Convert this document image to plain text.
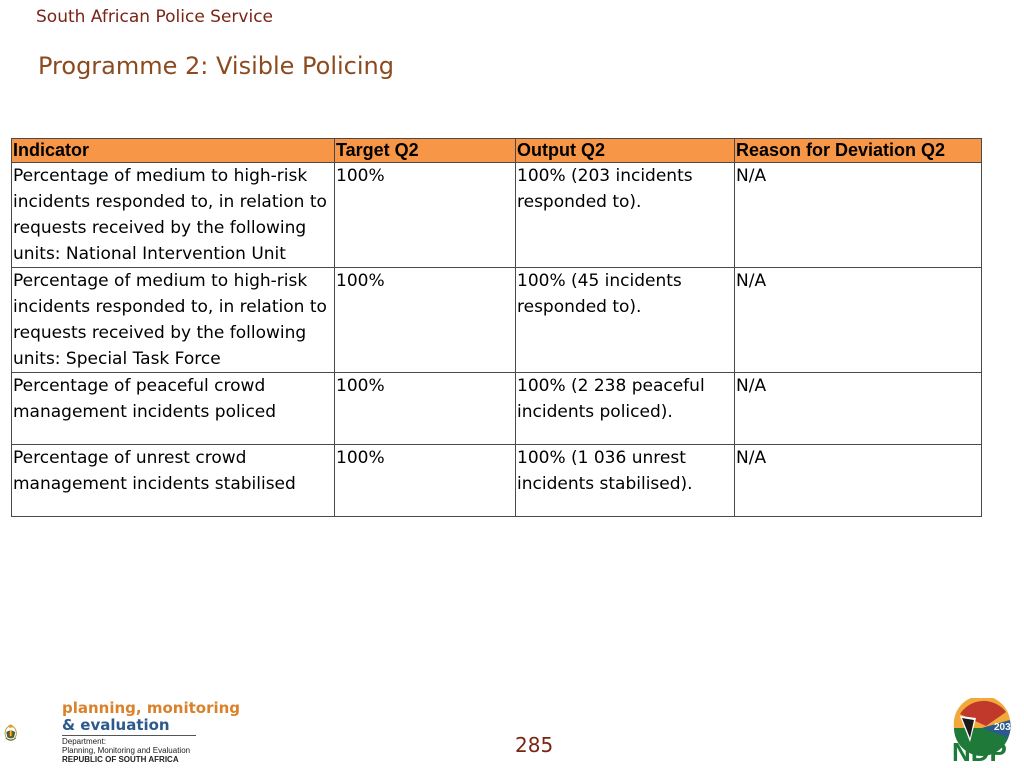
South African Police Service
Programme 2: Visible Policing
Indicator	Target Q2	Output Q2	Reason for Deviation Q2
Percentage of medium to high-risk incidents responded to, in relation to requests received by the following units: National Intervention Unit	100%	100% (203 incidents responded to).	N/A
Percentage of medium to high-risk incidents responded to, in relation to requests received by the following units: Special Task Force	100%	100% (45 incidents responded to).	N/A
Percentage of peaceful crowd management incidents policed	100%	100% (2 238 peaceful incidents policed).	N/A
Percentage of unrest crowd management incidents stabilised	100%	100% (1 036 unrest incidents stabilised).	N/A
planning, monitoring
& evaluation
Department:
Planning, Monitoring and Evaluation
REPUBLIC OF SOUTH AFRICA
285
2030
NDP
